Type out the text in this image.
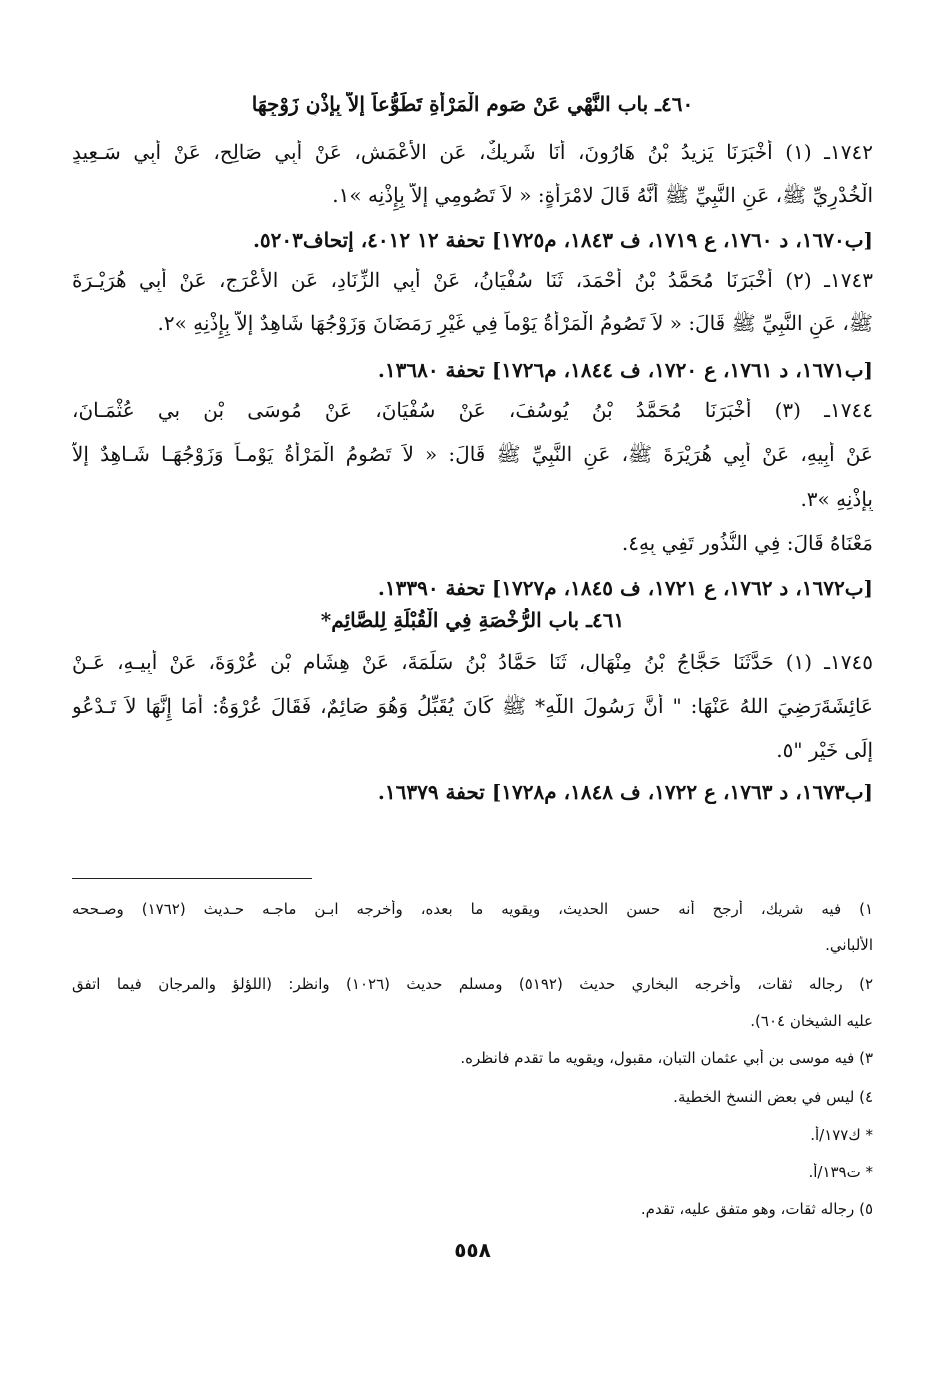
٤٦٠ـ باب النَّهْيِ عَنْ صَوم الْمَرْأَةِ تَطَوُّعاً إلاَّ بِإِذْنِ زَوْجِهَا
١٧٤٢ـ (١) أَخْبَرَنَا يَزِيدُ بْنُ هَارُونَ، أَنَا شَرِيكٌ، عَنِ الأَعْمَشِ، عَنْ أَبِي صَالِحٍ، عَنْ أَبِي سَـعِيدٍ
الْخُدْرِيِّ ﷺ، عَنِ النَّبِيِّ ﷺ أَنَّهُ قَالَ لامْرَأَةٍ: « لاَ تَصُومِي إلاَّ بِإِذْنِه »١.
[ب١٦٧٠، د ١٧٦٠، ع ١٧١٩، ف ١٨٤٣، م١٧٢٥] تحفة ١٢ ٤٠١٢، إتحاف٥٢٠٣.
١٧٤٣ـ (٢) أَخْبَرَنَا مُحَمَّدُ بْنُ أَحْمَدَ، ثَنَا سُفْيَانُ، عَنْ أَبِي الزِّنَادِ، عَنِ الأَعْرَجِ، عَنْ أَبِي هُرَيْـرَةَ
ﷺ، عَنِ النَّبِيِّ ﷺ قَالَ: « لاَ تَصُومُ الْمَرْأَةُ يَوْماً فِي غَيْرِ رَمَضَانَ وَزَوْجُهَا شَاهِدٌ إلاَّ بِإِذْنِهِ »٢.
[ب١٦٧١، د ١٧٦١، ع ١٧٢٠، ف ١٨٤٤، م١٧٢٦] تحفة ١٣٦٨٠.
١٧٤٤ـ (٣) أَخْبَرَنَا مُحَمَّدُ بْنُ يُوسُفَ، عَنْ سُفْيَانَ، عَنْ مُوسَى بْنِ بي عُثْمَـانَ،
عَنْ أَبِيهِ، عَنْ أَبِي هُرَيْرَةَ ﷺ، عَنِ النَّبِيِّ ﷺ قَالَ: « لاَ تَصُومُ الْمَرْأَةُ يَوْمـاً وَزَوْجُهَـا شَـاهِدٌ إلاَّ
بِإِذْنِهِ »٣.
مَعْنَاهُ قَالَ: فِي النُّذُورِ تَفِي بِهِ٤.
[ب١٦٧٢، د ١٧٦٢، ع ١٧٢١، ف ١٨٤٥، م١٧٢٧] تحفة ١٣٣٩٠.
٤٦١ـ باب الرُّخْصَةِ فِي الْقُبْلَةِ لِلصَّائِم*
١٧٤٥ـ (١) حَدَّثَنَا حَجَّاجُ بْنُ مِنْهَالٍ، ثَنَا حَمَّادُ بْنُ سَلَمَةَ، عَنْ هِشَامِ بْنِ عُرْوَةَ، عَنْ أَبِيـهِ، عَـنْ
عَائِشَةَرَضِيَ اللهُ عَنْهَا: " أَنَّ رَسُولَ اللَّهِ* ﷺ كَانَ يُقَبِّلُ وَهُوَ صَائِمٌ، فَقَالَ عُرْوَةُ: أَمَا إِنَّهَا لاَ تَـدْعُو
إِلَى خَيْرٍ "٥.
[ب١٦٧٣، د ١٧٦٣، ع ١٧٢٢، ف ١٨٤٨، م١٧٢٨] تحفة ١٦٣٧٩.
١) فيه شريك، أرجح أنه حسن الحديث، ويقويه ما بعده، وأخرجه ابـن ماجـه حـديث (١٧٦٢) وصـححه
الألباني.
٢) رجاله ثقات، وأخرجه البخاري حديث (٥١٩٢) ومسلم حديث (١٠٢٦) وانظر: (اللؤلؤ والمرجان فيما اتفق
عليه الشيخان ٦٠٤).
٣) فيه موسى بن أبي عثمان التبان، مقبول، ويقويه ما تقدم فانظره.
٤) ليس في بعض النسخ الخطية.
* ك١٧٧/أ.
* ت١٣٩/أ.
٥) رجاله ثقات، وهو متفق عليه، تقدم.
٥٥٨
